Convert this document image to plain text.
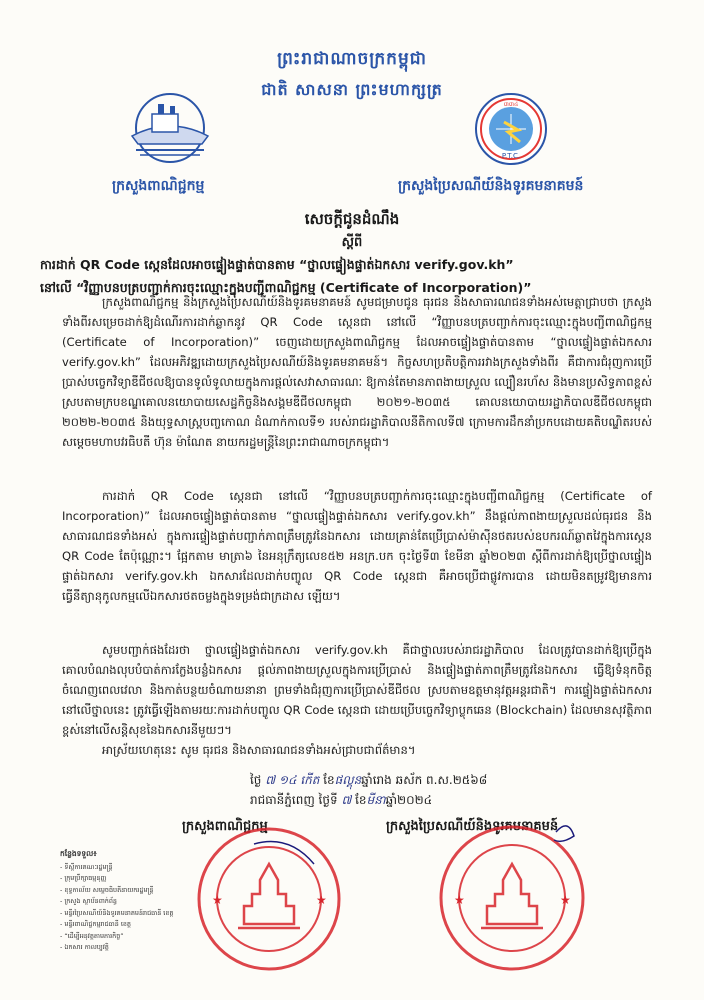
ព្រះរាជាណាចក្រកម្ពុជា
ជាតិ សាសនា ព្រះមហាក្សត្រ
៣៣៤
P.T.C.
ក្រសួងពាណិជ្ជកម្ម	ក្រសួងប្រៃសណីយ៍និងទូរគមនាគមន៍
សេចក្តីជូនដំណឹង
ស្តីពី
ការដាក់ QR Code ស្កេនដែលអាចផ្ទៀងផ្ទាត់បានតាម “ថ្នាលផ្ទៀងផ្ទាត់ឯកសារ verify.gov.kh”
នៅលើ “វិញ្ញាបនបត្របញ្ជាក់ការចុះឈ្មោះក្នុងបញ្ជីពាណិជ្ជកម្ម (Certificate of Incorporation)”
ក្រសួងពាណិជ្ជកម្ម និងក្រសួងប្រៃសណីយ៍និងទូរគមនាគមន៍ សូមជម្រាបជូន ធុរជន និងសាធារណជនទាំងអស់មេត្តាជ្រាបថា ក្រសួងទាំងពីរសម្រេចដាក់ឱ្យដំណើរការដាក់ឆ្លាកនូវ QR Code ស្កេនជា នៅលើ “វិញ្ញាបនបត្របញ្ជាក់ការចុះឈ្មោះក្នុងបញ្ជីពាណិជ្ជកម្ម (Certificate of Incorporation)” ចេញដោយក្រសួងពាណិជ្ជកម្ម ដែលអាចផ្ទៀងផ្ទាត់បានតាម “ថ្នាលផ្ទៀងផ្ទាត់ឯកសារ verify.gov.kh” ដែលអភិវឌ្ឍដោយក្រសួងប្រៃសណីយ៍និងទូរគមនាគមន៍។ កិច្ចសហប្រតិបត្តិការរវាងក្រសួងទាំងពីរ គឺជាការជំរុញការប្រើប្រាស់បច្ចេកវិទ្យាឌីជីថលឱ្យបានទូលំទូលាយក្នុងការផ្តល់សេវាសាធារណៈ ឱ្យកាន់តែមានភាពងាយស្រួល ល្បឿនរហ័ស និងមានប្រសិទ្ធភាពខ្ពស់ ស្របតាមក្របខណ្ឌគោលនយោបាយសេដ្ឋកិច្ចនិងសង្គមឌីជីថលកម្ពុជា ២០២១-២០៣៥ គោលនយោបាយរដ្ឋាភិបាលឌីជីថលកម្ពុជា ២០២២-២០៣៥ និងយុទ្ធសាស្ត្របញ្ចកោណ ដំណាក់កាលទី១ របស់រាជរដ្ឋាភិបាលនីតិកាលទី៧ ក្រោមការដឹកនាំប្រកបដោយគតិបណ្ឌិតរបស់ សម្តេចមហាបវរធិបតី ហ៊ុន ម៉ាណែត នាយករដ្ឋមន្ត្រីនៃព្រះរាជាណាចក្រកម្ពុជា។
ការដាក់ QR Code ស្កេនជា នៅលើ “វិញ្ញាបនបត្របញ្ជាក់ការចុះឈ្មោះក្នុងបញ្ជីពាណិជ្ជកម្ម (Certificate of Incorporation)” ដែលអាចផ្ទៀងផ្ទាត់បានតាម “ថ្នាលផ្ទៀងផ្ទាត់ឯកសារ verify.gov.kh” នឹងផ្តល់ភាពងាយស្រួលដល់ធុរជន និងសាធារណជនទាំងអស់ ក្នុងការផ្ទៀងផ្ទាត់បញ្ជាក់ភាពត្រឹមត្រូវនៃឯកសារ ដោយគ្រាន់តែប្រើប្រាស់ម៉ាស៊ីនថតរបស់ឧបករណ៍ឆ្លាតវៃក្នុងការស្កេន QR Code តែប៉ុណ្ណោះ។ ផ្អែកតាម មាត្រា៦ នៃអនុក្រឹត្យលេខ៥២ អនក្រ.បក ចុះថ្ងៃទី៣ ខែមីនា ឆ្នាំ២០២៣ ស្តីពីការដាក់ឱ្យប្រើថ្នាលផ្ទៀងផ្ទាត់ឯកសារ verify.gov.kh ឯកសារដែលដាក់បញ្ចូល QR Code ស្កេនជា គឺអាចប្រើជាផ្លូវការបាន ដោយមិនតម្រូវឱ្យមានការធ្វើនីត្យានុកូលកម្មលើឯកសារថតចម្លងក្នុងទម្រង់ជាក្រដាស ឡើយ។
សូមបញ្ជាក់ផងដែរថា ថ្នាលផ្ទៀងផ្ទាត់ឯកសារ verify.gov.kh គឺជាថ្នាលរបស់រាជរដ្ឋាភិបាល ដែលត្រូវបានដាក់ឱ្យប្រើក្នុងគោលបំណងលុបបំបាត់ការក្លែងបន្លំឯកសារ ផ្តល់ភាពងាយស្រួលក្នុងការប្រើប្រាស់ និងផ្ទៀងផ្ទាត់ភាពត្រឹមត្រូវនៃឯកសារ ធ្វើឱ្យទំនុកចិត្ត ចំណេញពេលវេលា និងកាត់បន្ថយចំណាយនានា ព្រមទាំងជំរុញការប្រើប្រាស់ឌីជីថល ស្របតាមឧត្តមានុវត្តអន្តរជាតិ។ ការផ្ទៀងផ្ទាត់ឯកសារនៅលើថ្នាលនេះ ត្រូវធ្វើឡើងតាមរយៈការដាក់បញ្ចូល QR Code ស្កេនជា ដោយប្រើបច្ចេកវិទ្យាប្លុកឆេន (Blockchain) ដែលមានសុវត្ថិភាពខ្ពស់នៅលើសន្តិសុខនៃឯកសារនីមួយៗ។
អាស្រ័យហេតុនេះ សូម ធុរជន និងសាធារណជនទាំងអស់ជ្រាបជាព័ត៌មាន។
ថ្ងៃ ៧ ១៤ កើត ខែផល្គុនឆ្នាំរោង ឆស័ក ព.ស.២៥៦៨
រាជធានីភ្នំពេញ ថ្ងៃទី ៧ ខែមីនាឆ្នាំ២០២៤
ក្រសួងពាណិជ្ជកម្ម	ក្រសួងប្រៃសណីយ៍និងទូរគមនាគមន៍
★	★	★	★
កន្លែងទទួល៖
- ទីស្តីការគណៈរដ្ឋមន្ត្រី
- ក្រុមប្រឹក្សាធម្មនុញ្ញ
- ខុទ្ទកាល័យ សម្តេចធិបតីនាយករដ្ឋមន្ត្រី
- ក្រសួង ស្ថាប័នពាក់ព័ន្ធ
- មន្ទីរប្រៃសណីយ៍និងទូរគមនាគមន៍រាជធានី ខេត្ត
- មន្ទីរពាណិជ្ជកម្មរាជធានី ខេត្ត
- “ដើម្បីអនុវត្តតាមភារកិច្ច”
- ឯកសារ កាលប្បវត្តិ
